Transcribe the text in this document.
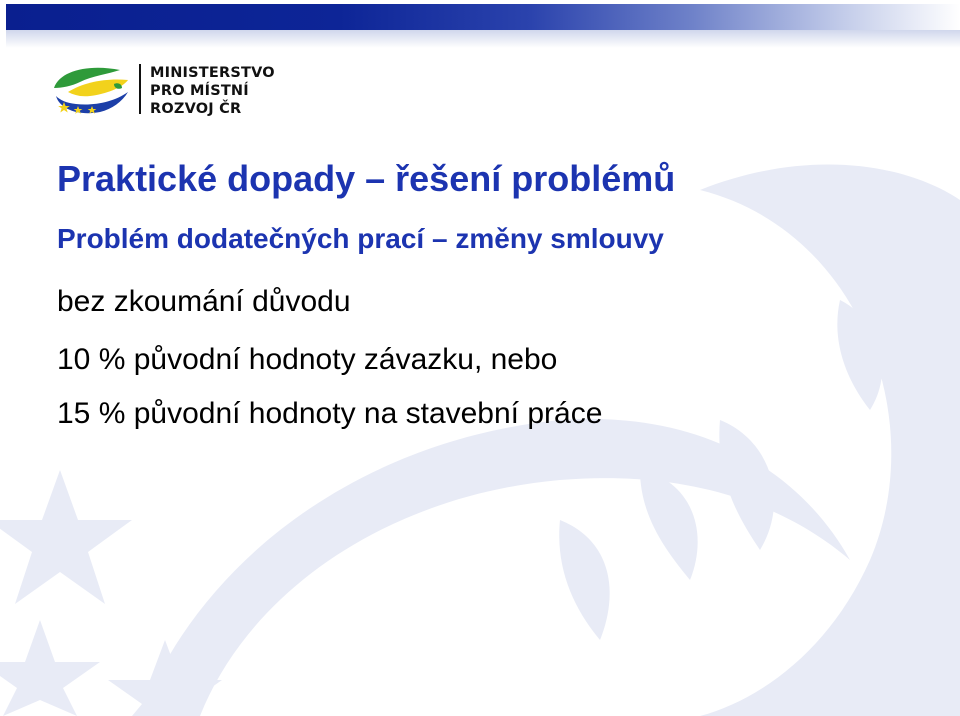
MINISTERSTVO
PRO MÍSTNÍ
ROZVOJ ČR
Praktické dopady – řešení problémů
Problém dodatečných prací – změny smlouvy

bez zkoumání důvodu

10 % původní hodnoty závazku, nebo

15 % původní hodnoty na stavební práce
